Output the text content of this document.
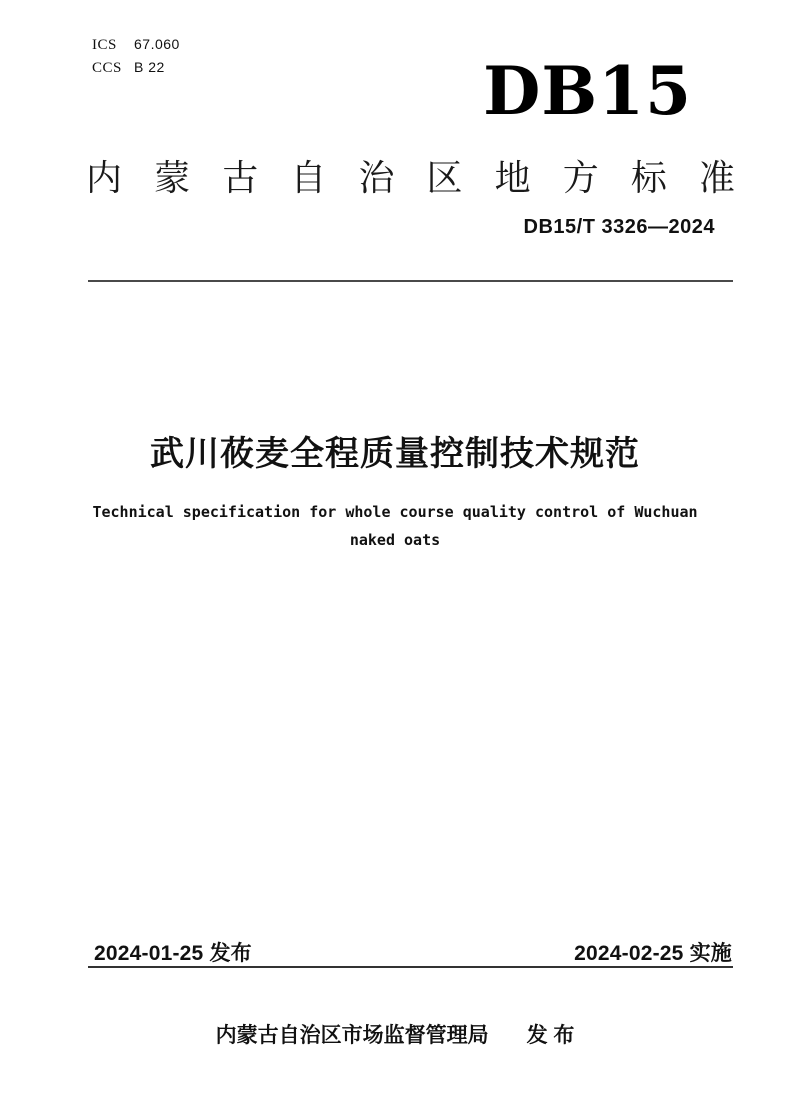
ICS 67.060
CCS B 22	DB15
内 蒙 古 自 治 区 地 方 标 准
DB15/T 3326—2024
武川莜麦全程质量控制技术规范
Technical specification for whole course quality control of Wuchuan
naked oats
2024-01-25 发布	2024-02-25 实施
内蒙古自治区市场监督管理局 发 布
